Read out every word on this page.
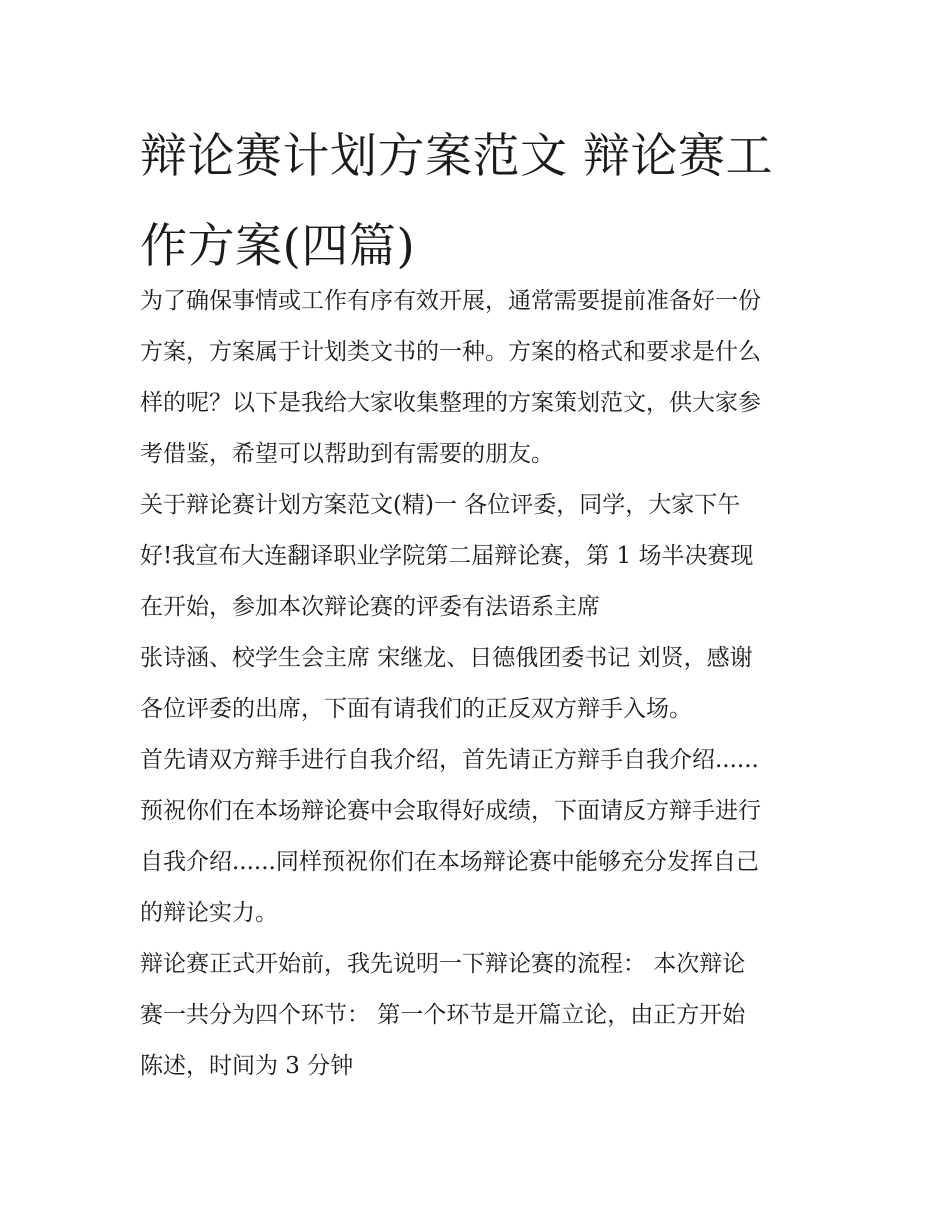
辩论赛计划方案范文 辩论赛工
作方案(四篇)
为了确保事情或工作有序有效开展，通常需要提前准备好一份
方案，方案属于计划类文书的一种。方案的格式和要求是什么
样的呢？以下是我给大家收集整理的方案策划范文，供大家参
考借鉴，希望可以帮助到有需要的朋友。
关于辩论赛计划方案范文(精)一 各位评委，同学，大家下午
好!我宣布大连翻译职业学院第二届辩论赛，第 1 场半决赛现
在开始，参加本次辩论赛的评委有法语系主席
张诗涵、校学生会主席 宋继龙、日德俄团委书记 刘贤，感谢
各位评委的出席，下面有请我们的正反双方辩手入场。
首先请双方辩手进行自我介绍，首先请正方辩手自我介绍......
预祝你们在本场辩论赛中会取得好成绩，下面请反方辩手进行
自我介绍......同样预祝你们在本场辩论赛中能够充分发挥自己
的辩论实力。
辩论赛正式开始前，我先说明一下辩论赛的流程： 本次辩论
赛一共分为四个环节： 第一个环节是开篇立论，由正方开始
陈述，时间为 3 分钟
